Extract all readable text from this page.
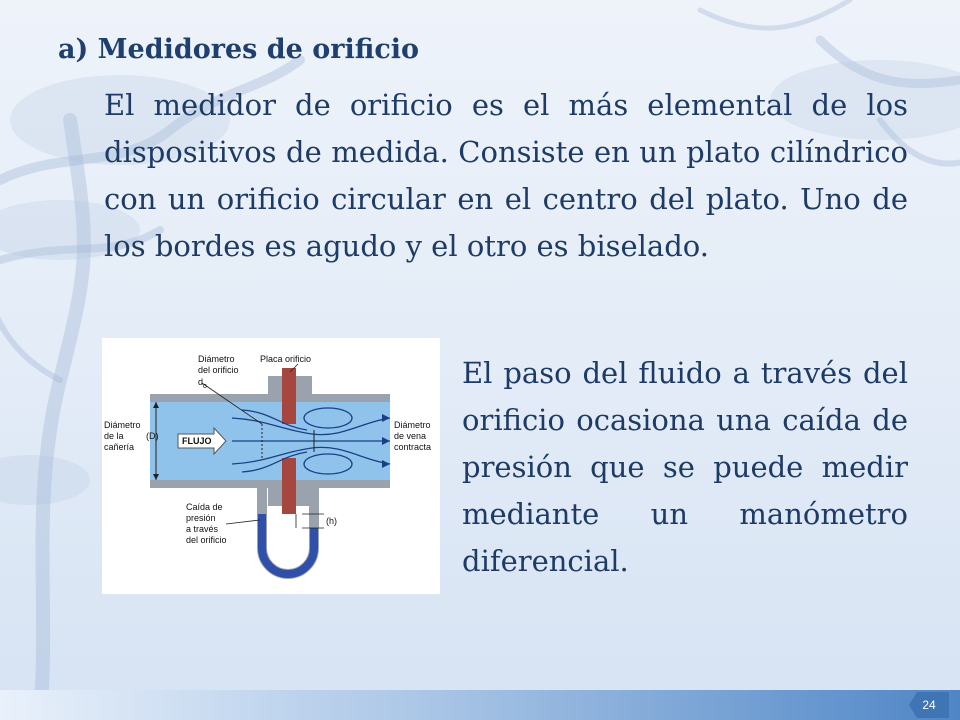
a) Medidores de orificio

El medidor de orificio es el más elemental de los dispositivos de medida. Consiste en un plato cilíndrico con un orificio circular en el centro del plato. Uno de los bordes es agudo y el otro es biselado.

FLUJO
Diámetro
del orificio
$d_o$
Placa orificio
Diámetro
de la
cañería
(D)
Diámetro
de vena
contracta
Caída de
presión
a través
del orificio
(h)

El paso del fluido a través del orificio ocasiona una caída de presión que se puede medir mediante un manómetro diferencial.

24
